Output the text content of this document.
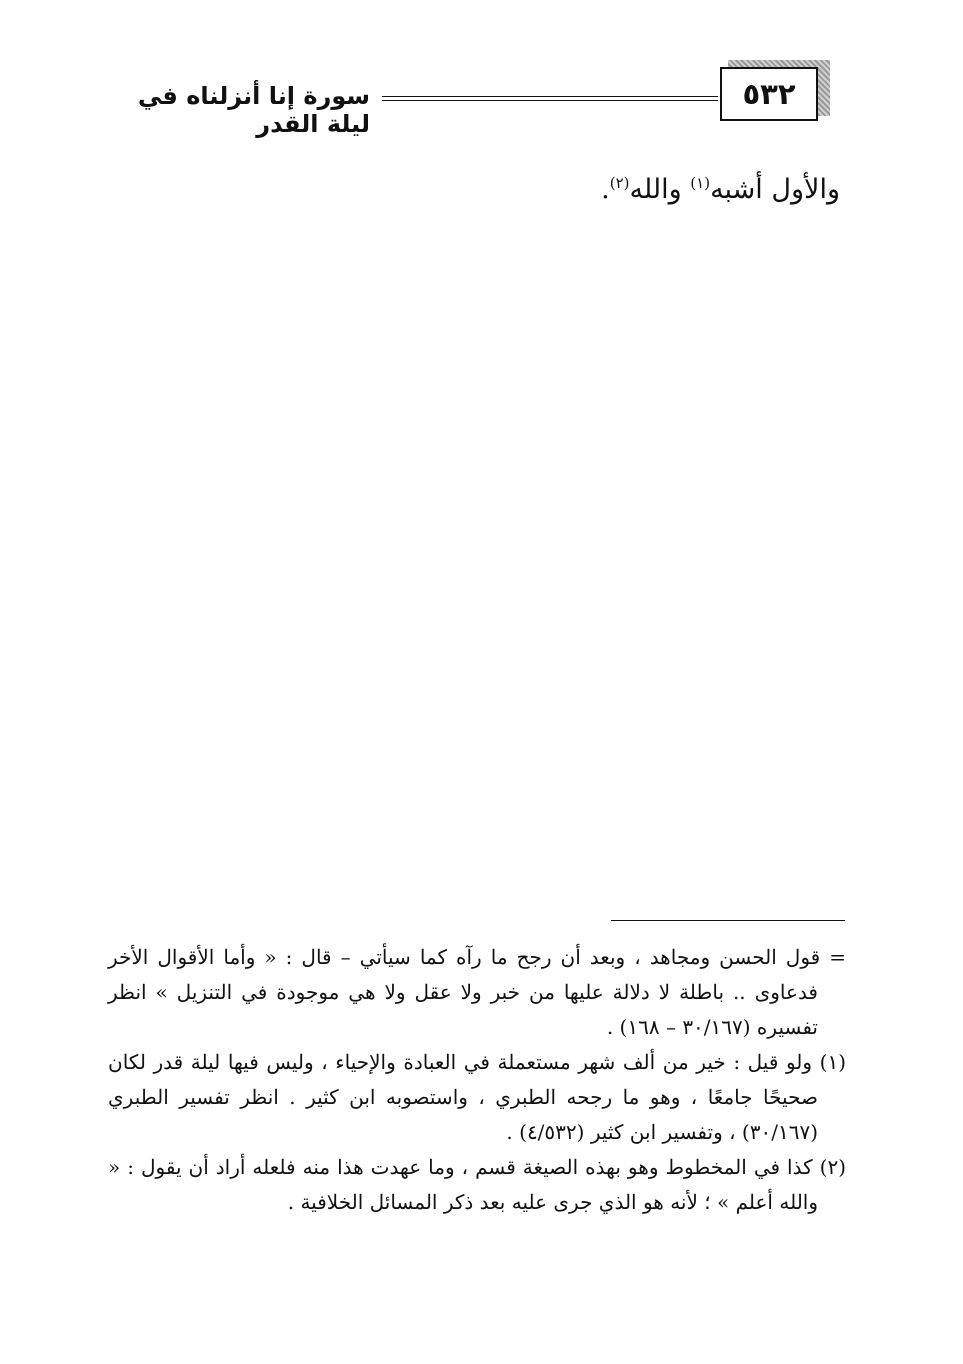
٥٣٢
سورة إنا أنزلناه في ليلة القدر
والأول أشبه$^{(١)}$ والله$^{(٢)}$.

= قول الحسن ومجاهد ، وبعد أن رجح ما رآه كما سيأتي – قال : « وأما الأقوال الأخر فدعاوى .. باطلة لا دلالة عليها من خبر ولا عقل ولا هي موجودة في التنزيل » انظر تفسيره (٣٠/١٦٧ – ١٦٨) .

(١) ولو قيل : خير من ألف شهر مستعملة في العبادة والإحياء ، وليس فيها ليلة قدر لكان صحيحًا جامعًا ، وهو ما رجحه الطبري ، واستصوبه ابن كثير . انظر تفسير الطبري (٣٠/١٦٧) ، وتفسير ابن كثير (٤/٥٣٢) .

(٢) كذا في المخطوط وهو بهذه الصيغة قسم ، وما عهدت هذا منه فلعله أراد أن يقول : « والله أعلم » ؛ لأنه هو الذي جرى عليه بعد ذكر المسائل الخلافية .
